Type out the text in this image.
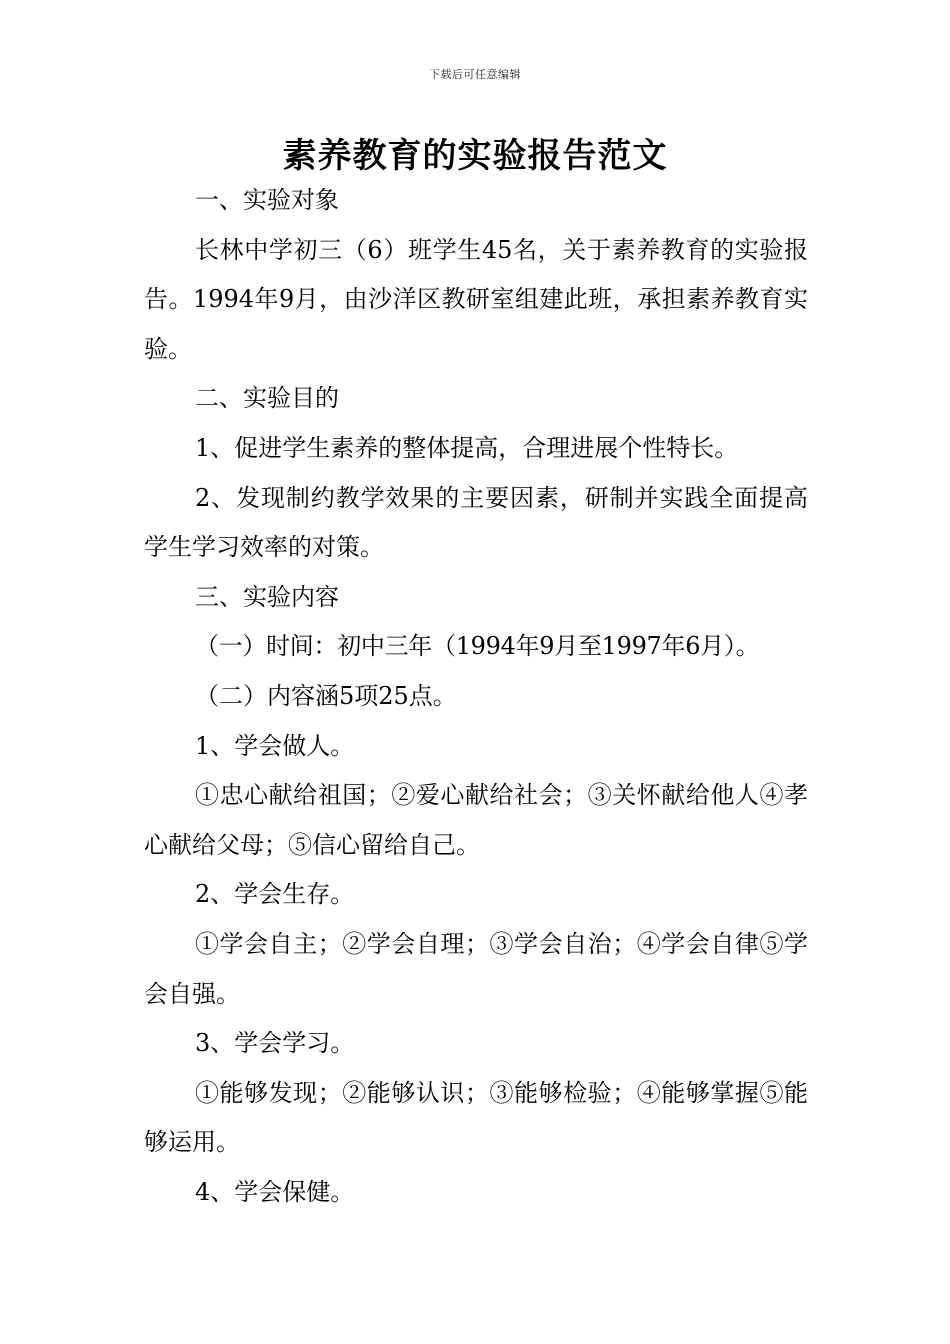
下载后可任意编辑
素养教育的实验报告范文

一、实验对象

长林中学初三（6）班学生45名，关于素养教育的实验报告。1994年9月，由沙洋区教研室组建此班，承担素养教育实验。

二、实验目的

1、促进学生素养的整体提高，合理进展个性特长。

2、发现制约教学效果的主要因素，研制并实践全面提高学生学习效率的对策。

三、实验内容

（一）时间：初中三年（1994年9月至1997年6月）。

（二）内容涵5项25点。

1、学会做人。

①忠心献给祖国；②爱心献给社会；③关怀献给他人④孝心献给父母；⑤信心留给自己。

2、学会生存。

①学会自主；②学会自理；③学会自治；④学会自律⑤学会自强。

3、学会学习。

①能够发现；②能够认识；③能够检验；④能够掌握⑤能够运用。

4、学会保健。
